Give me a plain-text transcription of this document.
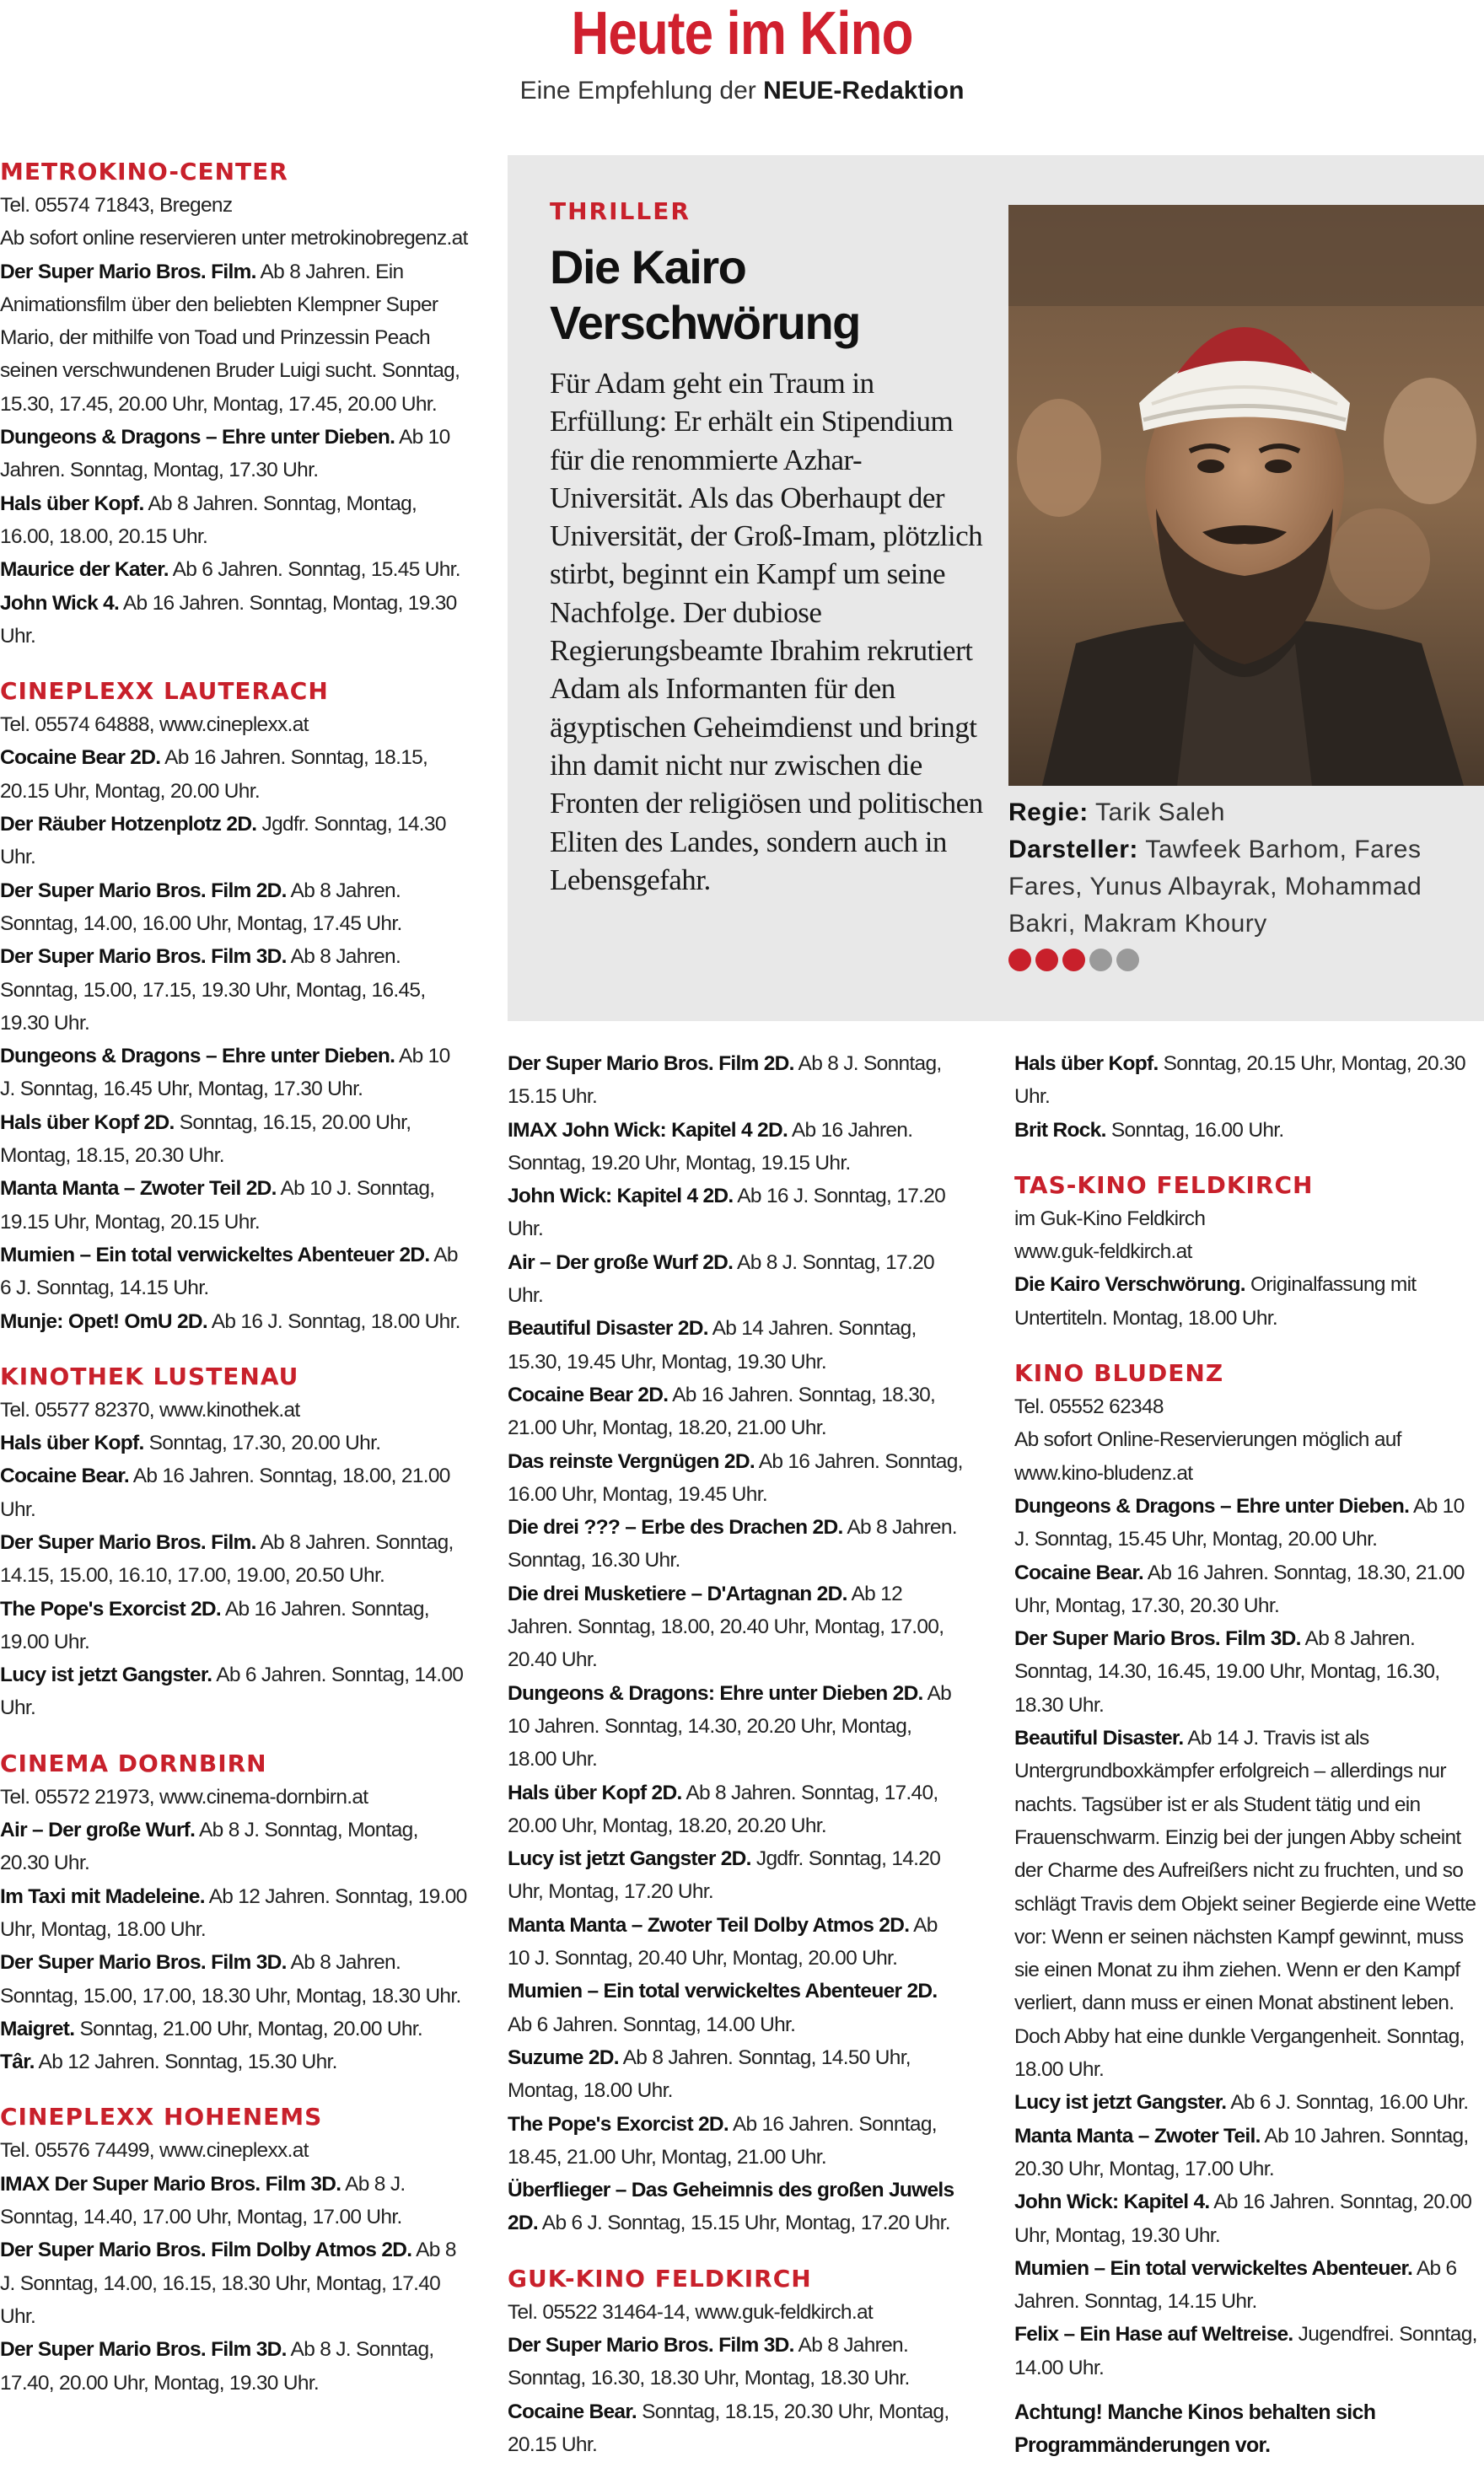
Heute im Kino
Eine Empfehlung der NEUE-Redaktion
METROKINO-CENTER
Tel. 05574 71843, Bregenz
Ab sofort online reservieren unter metrokinobregenz.at

Der Super Mario Bros. Film. Ab 8 Jahren. Ein Animationsfilm über den beliebten Klempner Super Mario, der mithilfe von Toad und Prinzessin Peach seinen verschwundenen Bruder Luigi sucht. Sonntag, 15.30, 17.45, 20.00 Uhr, Montag, 17.45, 20.00 Uhr.

Dungeons & Dragons – Ehre unter Dieben. Ab 10 Jahren. Sonntag, Montag, 17.30 Uhr.

Hals über Kopf. Ab 8 Jahren. Sonntag, Montag, 16.00, 18.00, 20.15 Uhr.

Maurice der Kater. Ab 6 Jahren. Sonntag, 15.45 Uhr.

John Wick 4. Ab 16 Jahren. Sonntag, Montag, 19.30 Uhr.

CINEPLEXX LAUTERACH
Tel. 05574 64888, www.cineplexx.at

Cocaine Bear 2D. Ab 16 Jahren. Sonntag, 18.15, 20.15 Uhr, Montag, 20.00 Uhr.

Der Räuber Hotzenplotz 2D. Jgdfr. Sonntag, 14.30 Uhr.

Der Super Mario Bros. Film 2D. Ab 8 Jahren. Sonntag, 14.00, 16.00 Uhr, Montag, 17.45 Uhr.

Der Super Mario Bros. Film 3D. Ab 8 Jahren. Sonntag, 15.00, 17.15, 19.30 Uhr, Montag, 16.45, 19.30 Uhr.

Dungeons & Dragons – Ehre unter Dieben. Ab 10 J. Sonntag, 16.45 Uhr, Montag, 17.30 Uhr.

Hals über Kopf 2D. Sonntag, 16.15, 20.00 Uhr, Montag, 18.15, 20.30 Uhr.

Manta Manta – Zwoter Teil 2D. Ab 10 J. Sonntag, 19.15 Uhr, Montag, 20.15 Uhr.

Mumien – Ein total verwickeltes Abenteuer 2D. Ab 6 J. Sonntag, 14.15 Uhr.

Munje: Opet! OmU 2D. Ab 16 J. Sonntag, 18.00 Uhr.

KINOTHEK LUSTENAU
Tel. 05577 82370, www.kinothek.at

Hals über Kopf. Sonntag, 17.30, 20.00 Uhr.

Cocaine Bear. Ab 16 Jahren. Sonntag, 18.00, 21.00 Uhr.

Der Super Mario Bros. Film. Ab 8 Jahren. Sonntag, 14.15, 15.00, 16.10, 17.00, 19.00, 20.50 Uhr.

The Pope's Exorcist 2D. Ab 16 Jahren. Sonntag, 19.00 Uhr.

Lucy ist jetzt Gangster. Ab 6 Jahren. Sonntag, 14.00 Uhr.

CINEMA DORNBIRN
Tel. 05572 21973, www.cinema-dornbirn.at

Air – Der große Wurf. Ab 8 J. Sonntag, Montag, 20.30 Uhr.

Im Taxi mit Madeleine. Ab 12 Jahren. Sonntag, 19.00 Uhr, Montag, 18.00 Uhr.

Der Super Mario Bros. Film 3D. Ab 8 Jahren. Sonntag, 15.00, 17.00, 18.30 Uhr, Montag, 18.30 Uhr.

Maigret. Sonntag, 21.00 Uhr, Montag, 20.00 Uhr.

Târ. Ab 12 Jahren. Sonntag, 15.30 Uhr.

CINEPLEXX HOHENEMS
Tel. 05576 74499, www.cineplexx.at

IMAX Der Super Mario Bros. Film 3D. Ab 8 J. Sonntag, 14.40, 17.00 Uhr, Montag, 17.00 Uhr.

Der Super Mario Bros. Film Dolby Atmos 2D. Ab 8 J. Sonntag, 14.00, 16.15, 18.30 Uhr, Montag, 17.40 Uhr.

Der Super Mario Bros. Film 3D. Ab 8 J. Sonntag, 17.40, 20.00 Uhr, Montag, 19.30 Uhr.

THRILLER
Die Kairo Verschwörung
Für Adam geht ein Traum in Erfüllung: Er erhält ein Stipendium für die renommierte Azhar-Universität. Als das Oberhaupt der Universität, der Groß-Imam, plötzlich stirbt, beginnt ein Kampf um seine Nachfolge. Der dubiose Regierungsbeamte Ibrahim rekrutiert Adam als Informanten für den ägyptischen Geheimdienst und bringt ihn damit nicht nur zwischen die Fronten der religiösen und politischen Eliten des Landes, sondern auch in Lebensgefahr.
Regie: Tarik Saleh
Darsteller: Tawfeek Barhom, Fares Fares, Yunus Albayrak, Mohammad Bakri, Makram Khoury

Der Super Mario Bros. Film 2D. Ab 8 J. Sonntag, 15.15 Uhr.

IMAX John Wick: Kapitel 4 2D. Ab 16 Jahren. Sonntag, 19.20 Uhr, Montag, 19.15 Uhr.

John Wick: Kapitel 4 2D. Ab 16 J. Sonntag, 17.20 Uhr.

Air – Der große Wurf 2D. Ab 8 J. Sonntag, 17.20 Uhr.

Beautiful Disaster 2D. Ab 14 Jahren. Sonntag, 15.30, 19.45 Uhr, Montag, 19.30 Uhr.

Cocaine Bear 2D. Ab 16 Jahren. Sonntag, 18.30, 21.00 Uhr, Montag, 18.20, 21.00 Uhr.

Das reinste Vergnügen 2D. Ab 16 Jahren. Sonntag, 16.00 Uhr, Montag, 19.45 Uhr.

Die drei ??? – Erbe des Drachen 2D. Ab 8 Jahren. Sonntag, 16.30 Uhr.

Die drei Musketiere – D'Artagnan 2D. Ab 12 Jahren. Sonntag, 18.00, 20.40 Uhr, Montag, 17.00, 20.40 Uhr.

Dungeons & Dragons: Ehre unter Dieben 2D. Ab 10 Jahren. Sonntag, 14.30, 20.20 Uhr, Montag, 18.00 Uhr.

Hals über Kopf 2D. Ab 8 Jahren. Sonntag, 17.40, 20.00 Uhr, Montag, 18.20, 20.20 Uhr.

Lucy ist jetzt Gangster 2D. Jgdfr. Sonntag, 14.20 Uhr, Montag, 17.20 Uhr.

Manta Manta – Zwoter Teil Dolby Atmos 2D. Ab 10 J. Sonntag, 20.40 Uhr, Montag, 20.00 Uhr.

Mumien – Ein total verwickeltes Abenteuer 2D. Ab 6 Jahren. Sonntag, 14.00 Uhr.

Suzume 2D. Ab 8 Jahren. Sonntag, 14.50 Uhr, Montag, 18.00 Uhr.

The Pope's Exorcist 2D. Ab 16 Jahren. Sonntag, 18.45, 21.00 Uhr, Montag, 21.00 Uhr.

Überflieger – Das Geheimnis des großen Juwels 2D. Ab 6 J. Sonntag, 15.15 Uhr, Montag, 17.20 Uhr.

GUK-KINO FELDKIRCH
Tel. 05522 31464-14, www.guk-feldkirch.at

Der Super Mario Bros. Film 3D. Ab 8 Jahren. Sonntag, 16.30, 18.30 Uhr, Montag, 18.30 Uhr.

Cocaine Bear. Sonntag, 18.15, 20.30 Uhr, Montag, 20.15 Uhr.

Hals über Kopf. Sonntag, 20.15 Uhr, Montag, 20.30 Uhr.

Brit Rock. Sonntag, 16.00 Uhr.

TAS-KINO FELDKIRCH
im Guk-Kino Feldkirch
www.guk-feldkirch.at

Die Kairo Verschwörung. Originalfassung mit Untertiteln. Montag, 18.00 Uhr.

KINO BLUDENZ
Tel. 05552 62348
Ab sofort Online-Reservierungen möglich auf www.kino-bludenz.at

Dungeons & Dragons – Ehre unter Dieben. Ab 10 J. Sonntag, 15.45 Uhr, Montag, 20.00 Uhr.

Cocaine Bear. Ab 16 Jahren. Sonntag, 18.30, 21.00 Uhr, Montag, 17.30, 20.30 Uhr.

Der Super Mario Bros. Film 3D. Ab 8 Jahren. Sonntag, 14.30, 16.45, 19.00 Uhr, Montag, 16.30, 18.30 Uhr.

Beautiful Disaster. Ab 14 J. Travis ist als Untergrundboxkämpfer erfolgreich – allerdings nur nachts. Tagsüber ist er als Student tätig und ein Frauenschwarm. Einzig bei der jungen Abby scheint der Charme des Aufreißers nicht zu fruchten, und so schlägt Travis dem Objekt seiner Begierde eine Wette vor: Wenn er seinen nächsten Kampf gewinnt, muss sie einen Monat zu ihm ziehen. Wenn er den Kampf verliert, dann muss er einen Monat abstinent leben. Doch Abby hat eine dunkle Vergangenheit. Sonntag, 18.00 Uhr.

Lucy ist jetzt Gangster. Ab 6 J. Sonntag, 16.00 Uhr.

Manta Manta – Zwoter Teil. Ab 10 Jahren. Sonntag, 20.30 Uhr, Montag, 17.00 Uhr.

John Wick: Kapitel 4. Ab 16 Jahren. Sonntag, 20.00 Uhr, Montag, 19.30 Uhr.

Mumien – Ein total verwickeltes Abenteuer. Ab 6 Jahren. Sonntag, 14.15 Uhr.

Felix – Ein Hase auf Weltreise. Jugendfrei. Sonntag, 14.00 Uhr.

Achtung! Manche Kinos behalten sich Programmänderungen vor.
